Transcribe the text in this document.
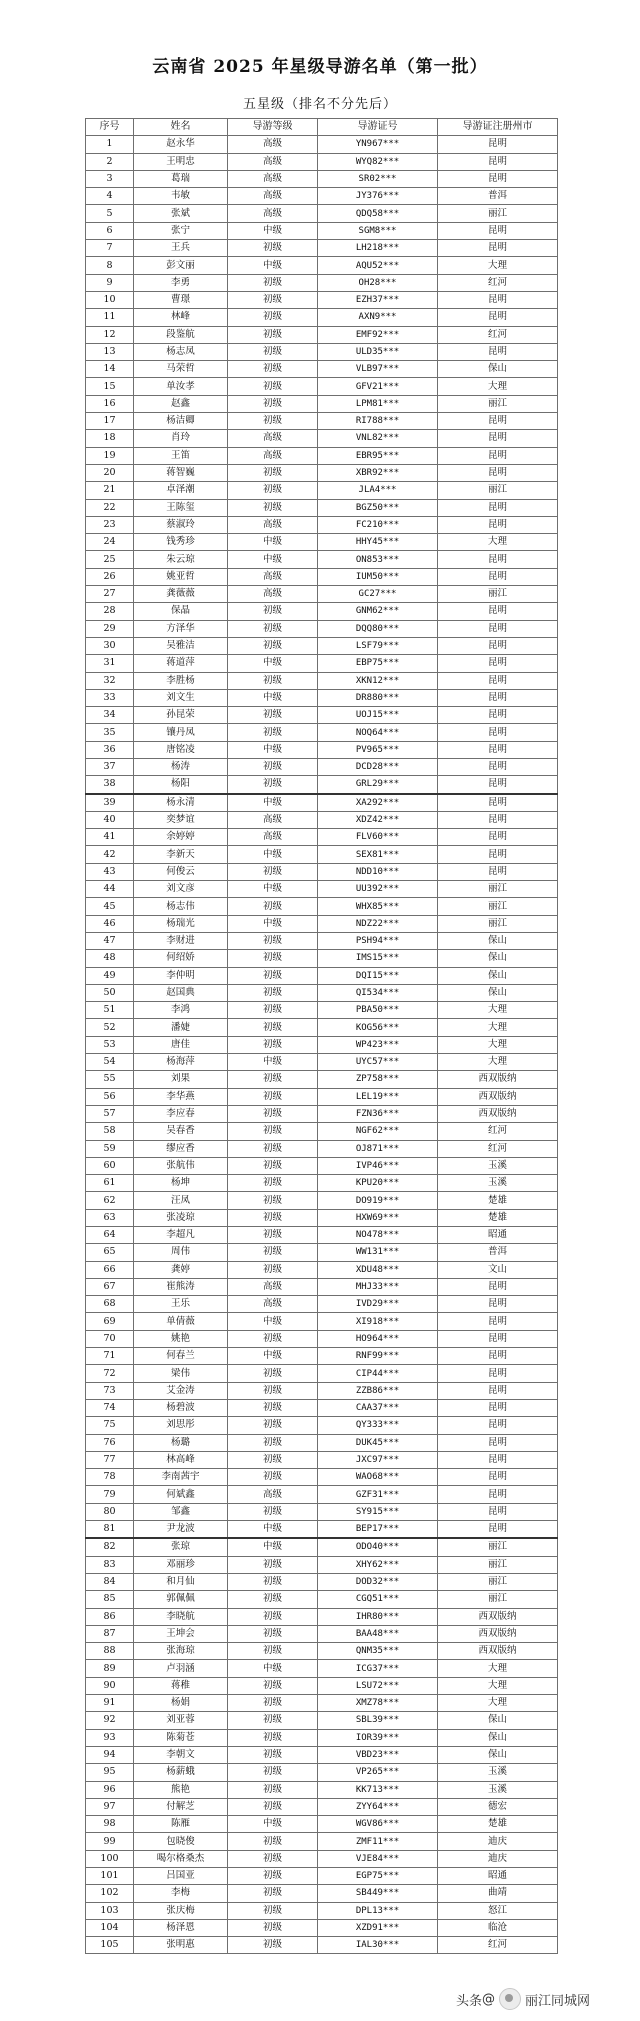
云南省 2025 年星级导游名单（第一批）
五星级（排名不分先后）
序号	姓名	导游等级	导游证号	导游证注册州市
1	赵永华	高级	YN967***	昆明
2	王明忠	高级	WYQ82***	昆明
3	葛瑞	高级	SR02***	昆明
4	韦敏	高级	JY376***	普洱
5	张斌	高级	QDQ58***	丽江
6	张宁	中级	SGM8***	昆明
7	王兵	初级	LH218***	昆明
8	彭文丽	中级	AQU52***	大理
9	李勇	初级	OH28***	红河
10	曹璟	初级	EZH37***	昆明
11	林峰	初级	AXN9***	昆明
12	段鉴航	初级	EMF92***	红河
13	杨志凤	初级	ULD35***	昆明
14	马荣哲	初级	VLB97***	保山
15	单汝孝	初级	GFV21***	大理
16	赵鑫	初级	LPM81***	丽江
17	杨洁卿	初级	RI788***	昆明
18	肖玲	高级	VNL82***	昆明
19	王笛	高级	EBR95***	昆明
20	蒋智巍	初级	XBR92***	昆明
21	卓泽潮	初级	JLA4***	丽江
22	王陈玺	初级	BGZ50***	昆明
23	蔡淑玲	高级	FC210***	昆明
24	钱秀珍	中级	HHY45***	大理
25	朱云琼	中级	ON853***	昆明
26	姚亚哲	高级	IUM50***	昆明
27	龚薇薇	高级	GC27***	丽江
28	保晶	初级	GNM62***	昆明
29	方泽华	初级	DQQ80***	昆明
30	吴雅洁	初级	LSF79***	昆明
31	蒋道萍	中级	EBP75***	昆明
32	李胜杨	初级	XKN12***	昆明
33	刘文生	中级	DR880***	昆明
34	孙昆荣	初级	UOJ15***	昆明
35	镶丹凤	初级	NOQ64***	昆明
36	唐铭凌	中级	PV965***	昆明
37	杨涛	初级	DCD28***	昆明
38	杨阳	初级	GRL29***	昆明
39	杨永清	中级	XA292***	昆明
40	奕梦谊	高级	XDZ42***	昆明
41	余婷婷	高级	FLV60***	昆明
42	李新天	中级	SEX81***	昆明
43	何俊云	初级	NDD10***	昆明
44	刘文彦	中级	UU392***	丽江
45	杨志伟	初级	WHX85***	丽江
46	杨瑞光	中级	NDZ22***	丽江
47	李财进	初级	PSH94***	保山
48	何绍娇	初级	IMS15***	保山
49	李仲明	初级	DQI15***	保山
50	赵国典	初级	QI534***	保山
51	李鸿	初级	PBA50***	大理
52	潘婕	初级	KOG56***	大理
53	唐佳	初级	WP423***	大理
54	杨海萍	中级	UYC57***	大理
55	刘果	初级	ZP758***	西双版纳
56	李华燕	初级	LEL19***	西双版纳
57	李应春	初级	FZN36***	西双版纳
58	吴春香	初级	NGF62***	红河
59	缪应香	初级	OJ871***	红河
60	张航伟	初级	IVP46***	玉溪
61	杨坤	初级	KPU20***	玉溪
62	汪凤	初级	DO919***	楚雄
63	张凌琼	初级	HXW69***	楚雄
64	李超凡	初级	NO478***	昭通
65	周伟	初级	WW131***	普洱
66	龚婷	初级	XDU48***	文山
67	崔熊涛	高级	MHJ33***	昆明
68	王乐	高级	IVD29***	昆明
69	单倩薇	中级	XI918***	昆明
70	姚艳	初级	HO964***	昆明
71	何春兰	中级	RNF99***	昆明
72	梁伟	初级	CIP44***	昆明
73	艾金涛	初级	ZZB86***	昆明
74	杨碧波	初级	CAA37***	昆明
75	刘思彤	初级	QY333***	昆明
76	杨璐	初级	DUK45***	昆明
77	林高峰	初级	JXC97***	昆明
78	李南茜宇	初级	WAO68***	昆明
79	何斌鑫	高级	GZF31***	昆明
80	邹鑫	初级	SY915***	昆明
81	尹龙波	中级	BEP17***	昆明
82	张琼	中级	ODO40***	丽江
83	邓丽珍	初级	XHY62***	丽江
84	和月仙	初级	DOD32***	丽江
85	郭佩佩	初级	CGQ51***	丽江
86	李晓航	初级	IHR80***	西双版纳
87	王坤会	初级	BAA48***	西双版纳
88	张海琼	初级	QNM35***	西双版纳
89	卢羽涵	中级	ICG37***	大理
90	蒋稚	初级	LSU72***	大理
91	杨娟	初级	XMZ78***	大理
92	刘亚蓉	初级	SBL39***	保山
93	陈菊苍	初级	IOR39***	保山
94	李朝文	初级	VBD23***	保山
95	杨薪蛾	初级	VP265***	玉溪
96	熊艳	初级	KK713***	玉溪
97	付解芝	初级	ZYY64***	德宏
98	陈雁	中级	WGV86***	楚雄
99	包晓俊	初级	ZMF11***	迪庆
100	喝尔格桑杰	初级	VJE84***	迪庆
101	吕国亚	初级	EGP75***	昭通
102	李梅	初级	SB449***	曲靖
103	张庆梅	初级	DPL13***	怒江
104	杨泽恩	初级	XZD91***	临沧
105	张明惠	初级	IAL30***	红河
头条 @ 丽江同城网
